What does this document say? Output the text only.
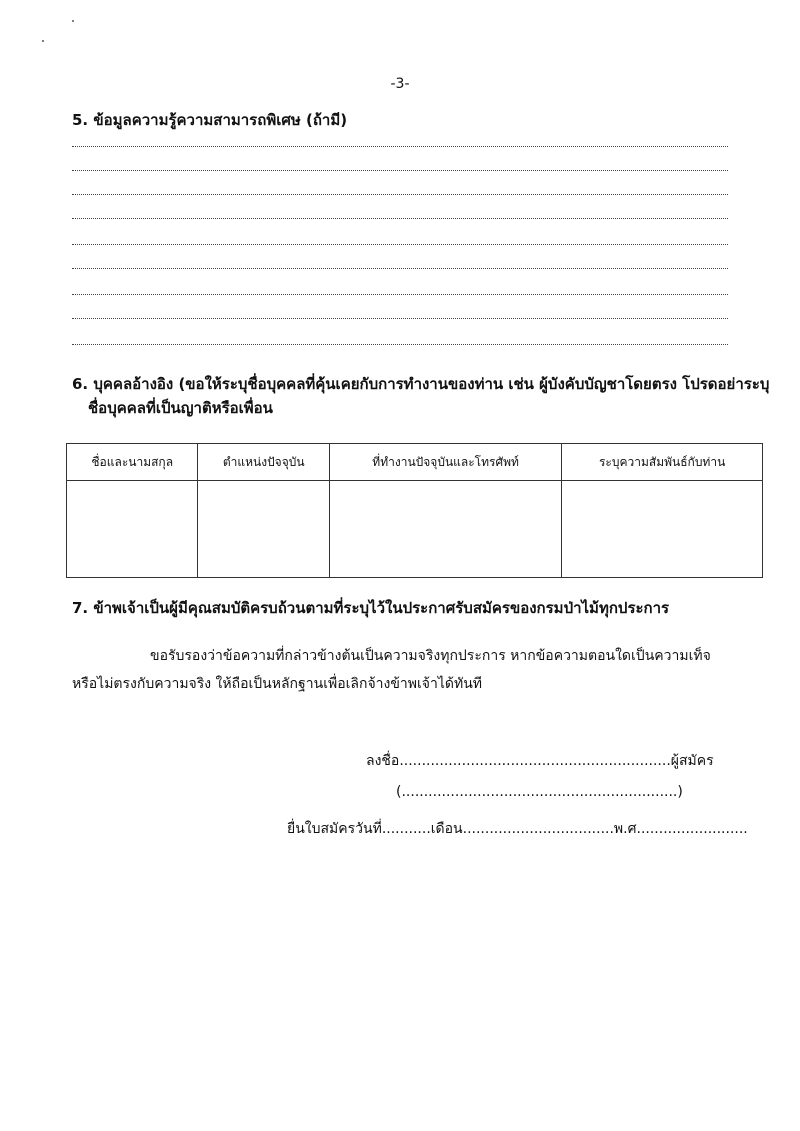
-3-
5. ข้อมูลความรู้ความสามารถพิเศษ (ถ้ามี)
6. บุคคลอ้างอิง (ขอให้ระบุชื่อบุคคลที่คุ้นเคยกับการทำงานของท่าน เช่น ผู้บังคับบัญชาโดยตรง โปรดอย่าระบุ
ชื่อบุคคลที่เป็นญาติหรือเพื่อน
ชื่อและนามสกุล	ตำแหน่งปัจจุบัน	ที่ทำงานปัจจุบันและโทรศัพท์	ระบุความสัมพันธ์กับท่าน

7. ข้าพเจ้าเป็นผู้มีคุณสมบัติครบถ้วนตามที่ระบุไว้ในประกาศรับสมัครของกรมป่าไม้ทุกประการ
ขอรับรองว่าข้อความที่กล่าวข้างต้นเป็นความจริงทุกประการ หากข้อความตอนใดเป็นความเท็จ
หรือไม่ตรงกับความจริง ให้ถือเป็นหลักฐานเพื่อเลิกจ้างข้าพเจ้าได้ทันที
ลงชื่อ.............................................................ผู้สมัคร
(..............................................................)
ยื่นใบสมัครวันที่...........เดือน..................................พ.ศ.........................
